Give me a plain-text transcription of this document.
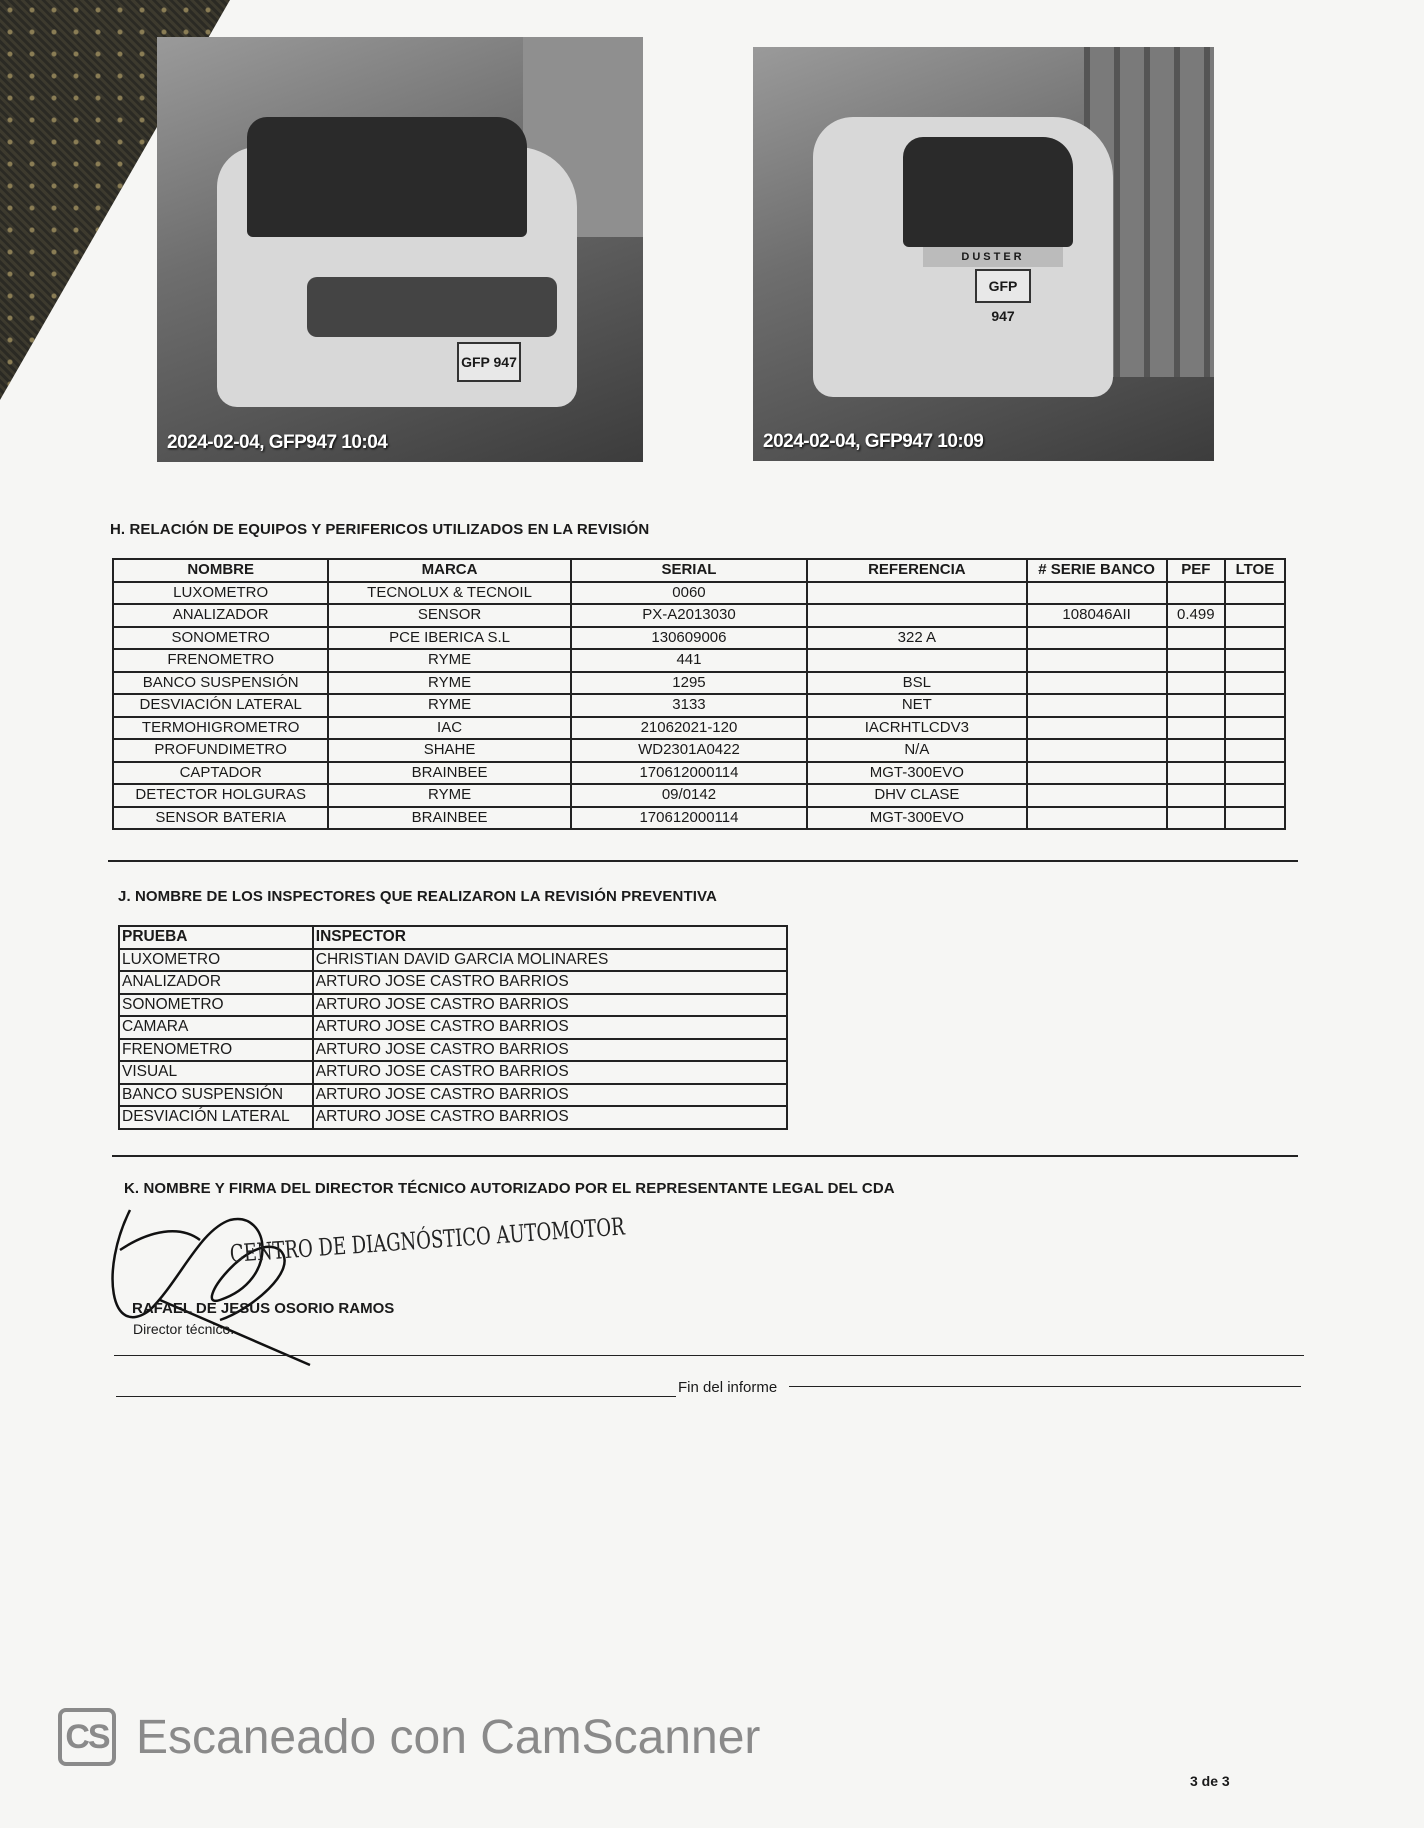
GFP 947
2024-02-04, GFP947 10:04
DUSTER
GFP 947
2024-02-04, GFP947 10:09
H. RELACIÓN DE EQUIPOS Y PERIFERICOS UTILIZADOS EN LA REVISIÓN
NOMBRE	MARCA	SERIAL	REFERENCIA	# SERIE BANCO	PEF	LTOE
LUXOMETRO	TECNOLUX & TECNOIL	0060				
ANALIZADOR	SENSOR	PX-A2013030		108046AII	0.499	
SONOMETRO	PCE IBERICA S.L	130609006	322 A			
FRENOMETRO	RYME	441				
BANCO SUSPENSIÓN	RYME	1295	BSL			
DESVIACIÓN LATERAL	RYME	3133	NET			
TERMOHIGROMETRO	IAC	21062021-120	IACRHTLCDV3			
PROFUNDIMETRO	SHAHE	WD2301A0422	N/A			
CAPTADOR	BRAINBEE	170612000114	MGT-300EVO			
DETECTOR HOLGURAS	RYME	09/0142	DHV CLASE			
SENSOR BATERIA	BRAINBEE	170612000114	MGT-300EVO			
J. NOMBRE DE LOS INSPECTORES QUE REALIZARON LA REVISIÓN PREVENTIVA
PRUEBA	INSPECTOR
LUXOMETRO	CHRISTIAN DAVID GARCIA MOLINARES
ANALIZADOR	ARTURO JOSE CASTRO BARRIOS
SONOMETRO	ARTURO JOSE CASTRO BARRIOS
CAMARA	ARTURO JOSE CASTRO BARRIOS
FRENOMETRO	ARTURO JOSE CASTRO BARRIOS
VISUAL	ARTURO JOSE CASTRO BARRIOS
BANCO SUSPENSIÓN	ARTURO JOSE CASTRO BARRIOS
DESVIACIÓN LATERAL	ARTURO JOSE CASTRO BARRIOS
K. NOMBRE Y FIRMA DEL DIRECTOR TÉCNICO AUTORIZADO POR EL REPRESENTANTE LEGAL DEL CDA
CENTRO DE DIAGNÓSTICO AUTOMOTOR
RAFAEL DE JESUS OSORIO RAMOS
Director técnico.
Fin del informe
CS Escaneado con CamScanner
3 de 3
